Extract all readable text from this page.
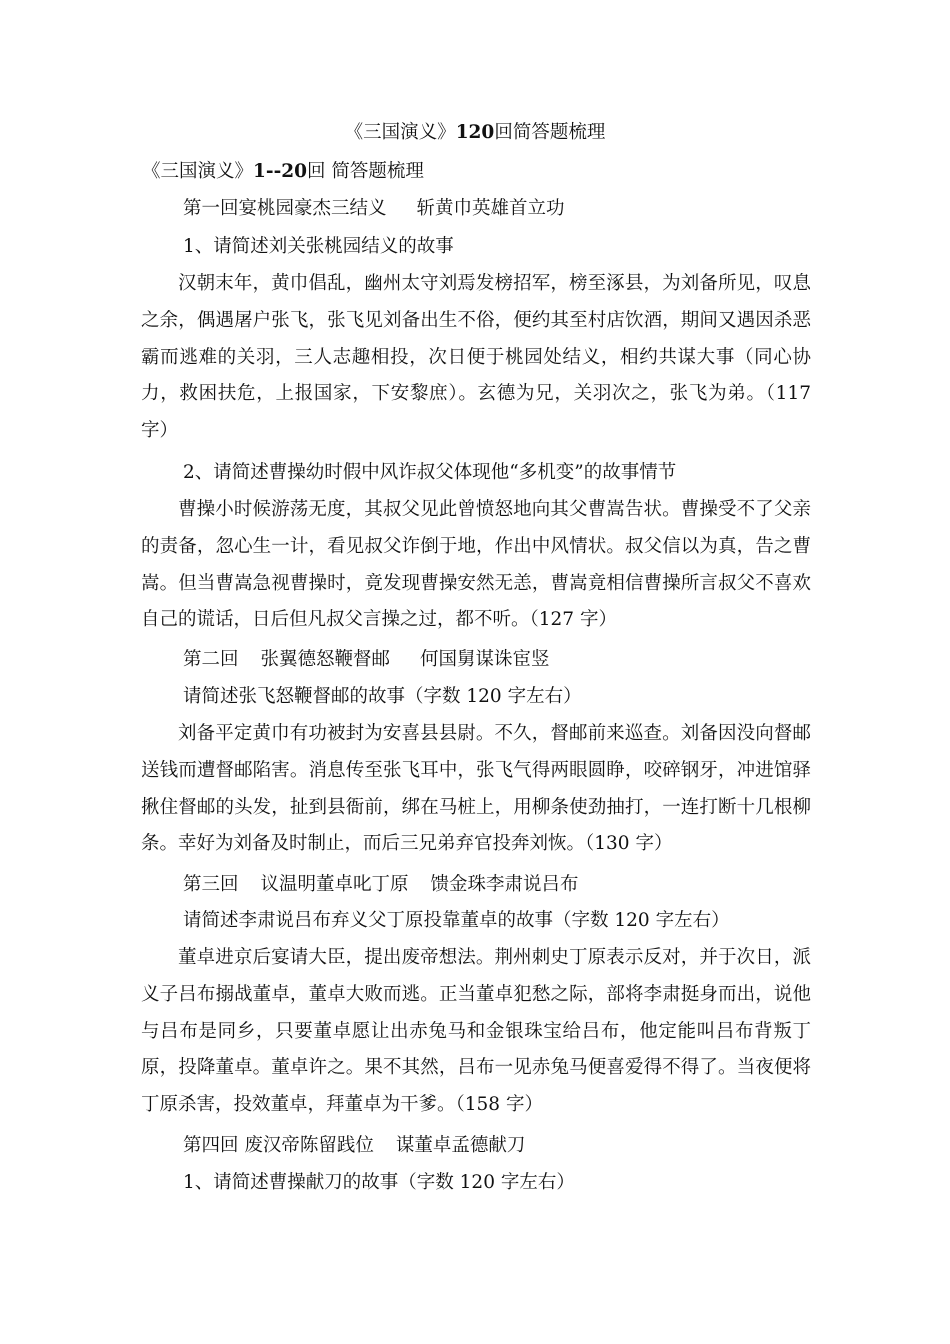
《三国演义》120回简答题梳理
《三国演义》1--20回 简答题梳理
第一回宴桃园豪杰三结义 斩黄巾英雄首立功
1、请简述刘关张桃园结义的故事

汉朝末年，黄巾倡乱，幽州太守刘焉发榜招军，榜至涿县，为刘备所见，叹息之余，偶遇屠户张飞，张飞见刘备出生不俗，便约其至村店饮酒，期间又遇因杀恶霸而逃难的关羽，三人志趣相投，次日便于桃园处结义，相约共谋大事（同心协力，救困扶危，上报国家，下安黎庶）。玄德为兄，关羽次之，张飞为弟。（117 字）

2、请简述曹操幼时假中风诈叔父体现他“多机变”的故事情节

曹操小时候游荡无度，其叔父见此曾愤怒地向其父曹嵩告状。曹操受不了父亲的责备，忽心生一计，看见叔父诈倒于地，作出中风情状。叔父信以为真，告之曹嵩。但当曹嵩急视曹操时，竟发现曹操安然无恙，曹嵩竟相信曹操所言叔父不喜欢自己的谎话，日后但凡叔父言操之过，都不听。（127 字）

第二回 张翼德怒鞭督邮 何国舅谋诛宦竖
请简述张飞怒鞭督邮的故事（字数 120 字左右）

刘备平定黄巾有功被封为安喜县县尉。不久，督邮前来巡查。刘备因没向督邮送钱而遭督邮陷害。消息传至张飞耳中，张飞气得两眼圆睁，咬碎钢牙，冲进馆驿揪住督邮的头发，扯到县衙前，绑在马桩上，用柳条使劲抽打，一连打断十几根柳条。幸好为刘备及时制止，而后三兄弟弃官投奔刘恢。（130 字）

第三回 议温明董卓叱丁原 馈金珠李肃说吕布
请简述李肃说吕布弃义父丁原投靠董卓的故事（字数 120 字左右）

董卓进京后宴请大臣，提出废帝想法。荆州刺史丁原表示反对，并于次日，派义子吕布搦战董卓，董卓大败而逃。正当董卓犯愁之际，部将李肃挺身而出，说他与吕布是同乡，只要董卓愿让出赤兔马和金银珠宝给吕布，他定能叫吕布背叛丁原，投降董卓。董卓许之。果不其然，吕布一见赤兔马便喜爱得不得了。当夜便将丁原杀害，投效董卓，拜董卓为干爹。（158 字）

第四回 废汉帝陈留践位 谋董卓孟德献刀
1、请简述曹操献刀的故事（字数 120 字左右）
